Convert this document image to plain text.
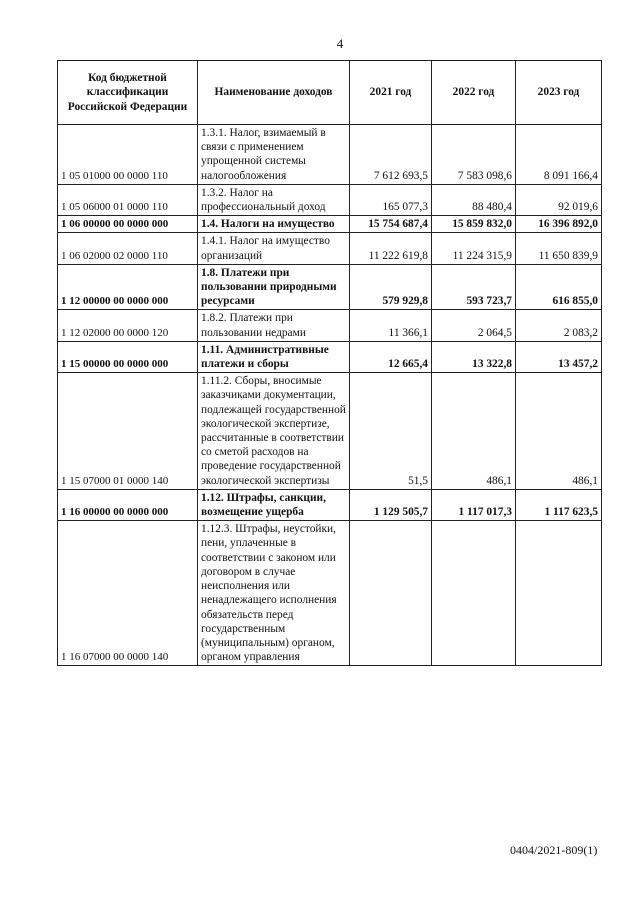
4
Код бюджетной классификации Российской Федерации	Наименование доходов	2021 год	2022 год	2023 год
1 05 01000 00 0000 110	1.3.1. Налог, взимаемый в связи с применением упрощенной системы налогообложения	7 612 693,5	7 583 098,6	8 091 166,4
1 05 06000 01 0000 110	1.3.2. Налог на профессиональный доход	165 077,3	88 480,4	92 019,6
1 06 00000 00 0000 000	1.4. Налоги на имущество	15 754 687,4	15 859 832,0	16 396 892,0
1 06 02000 02 0000 110	1.4.1. Налог на имущество организаций	11 222 619,8	11 224 315,9	11 650 839,9
1 12 00000 00 0000 000	1.8. Платежи при пользовании природными ресурсами	579 929,8	593 723,7	616 855,0
1 12 02000 00 0000 120	1.8.2. Платежи при пользовании недрами	11 366,1	2 064,5	2 083,2
1 15 00000 00 0000 000	1.11. Административные платежи и сборы	12 665,4	13 322,8	13 457,2
1 15 07000 01 0000 140	1.11.2. Сборы, вносимые заказчиками документации, подлежащей государственной экологической экспертизе, рассчитанные в соответствии со сметой расходов на проведение государственной экологической экспертизы	51,5	486,1	486,1
1 16 00000 00 0000 000	1.12. Штрафы, санкции, возмещение ущерба	1 129 505,7	1 117 017,3	1 117 623,5
1 16 07000 00 0000 140	1.12.3. Штрафы, неустойки, пени, уплаченные в соответствии с законом или договором в случае неисполнения или ненадлежащего исполнения обязательств перед государственным (муниципальным) органом, органом управления			
0404/2021-809(1)
